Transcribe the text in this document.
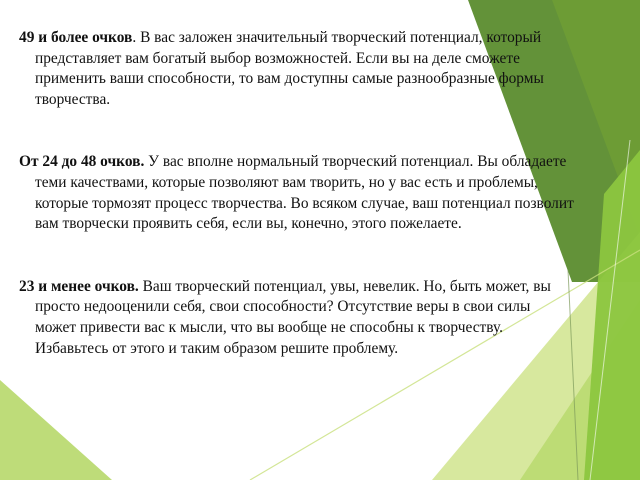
49 и более очков. В вас заложен значительный творческий потенциал, который представляет вам богатый выбор возможностей. Если вы на деле сможете применить ваши способности, то вам доступны самые разнообразные формы творчества.

От 24 до 48 очков. У вас вполне нормальный творческий потенциал. Вы обладаете теми качествами, которые позволяют вам творить, но у вас есть и проблемы, которые тормозят процесс творчества. Во всяком случае, ваш потенциал позволит вам творчески проявить себя, если вы, конечно, этого пожелаете.

23 и менее очков. Ваш творческий потенциал, увы, невелик. Но, быть может, вы просто недооценили себя, свои способности? Отсутствие веры в свои силы может привести вас к мысли, что вы вообще не способны к творчеству. Избавьтесь от этого и таким образом решите проблему.
